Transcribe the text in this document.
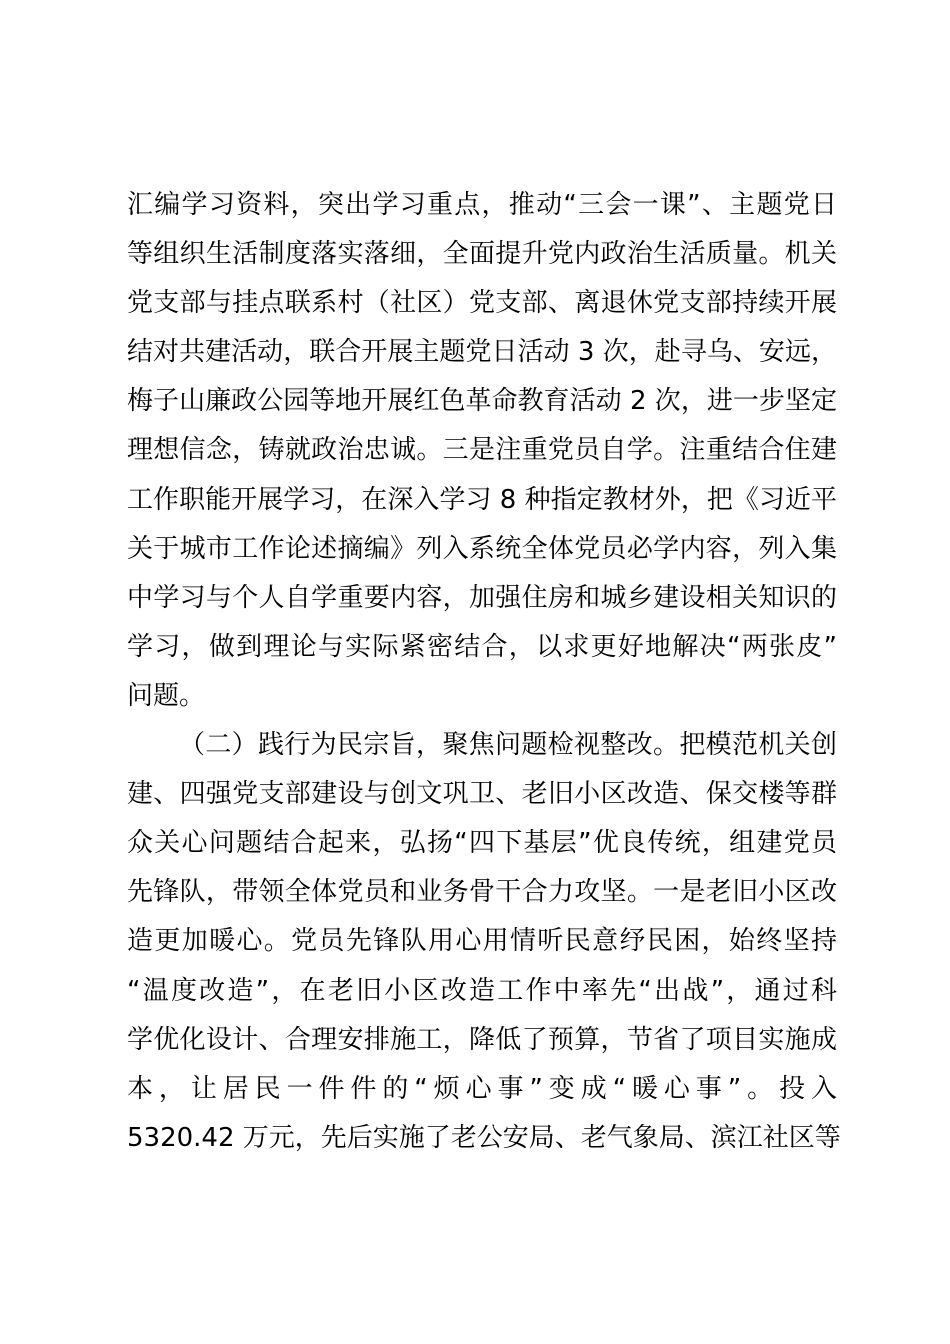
汇编学习资料，突出学习重点，推动“三会一课”、主题党日
等组织生活制度落实落细，全面提升党内政治生活质量。机关
党支部与挂点联系村（社区）党支部、离退休党支部持续开展
结对共建活动，联合开展主题党日活动 3 次，赴寻乌、安远，
梅子山廉政公园等地开展红色革命教育活动 2 次，进一步坚定
理想信念，铸就政治忠诚。三是注重党员自学。注重结合住建
工作职能开展学习，在深入学习 8 种指定教材外，把《习近平
关于城市工作论述摘编》列入系统全体党员必学内容，列入集
中学习与个人自学重要内容，加强住房和城乡建设相关知识的
学习，做到理论与实际紧密结合，以求更好地解决“两张皮”
问题。
（二）践行为民宗旨，聚焦问题检视整改。把模范机关创
建、四强党支部建设与创文巩卫、老旧小区改造、保交楼等群
众关心问题结合起来，弘扬“四下基层”优良传统，组建党员
先锋队，带领全体党员和业务骨干合力攻坚。一是老旧小区改
造更加暖心。党员先锋队用心用情听民意纾民困，始终坚持
“温度改造”，在老旧小区改造工作中率先“出战”，通过科
学优化设计、合理安排施工，降低了预算，节省了项目实施成
本，让居民一件件的“烦心事”变成“暖心事”。投入
5320.42 万元，先后实施了老公安局、老气象局、滨江社区等
